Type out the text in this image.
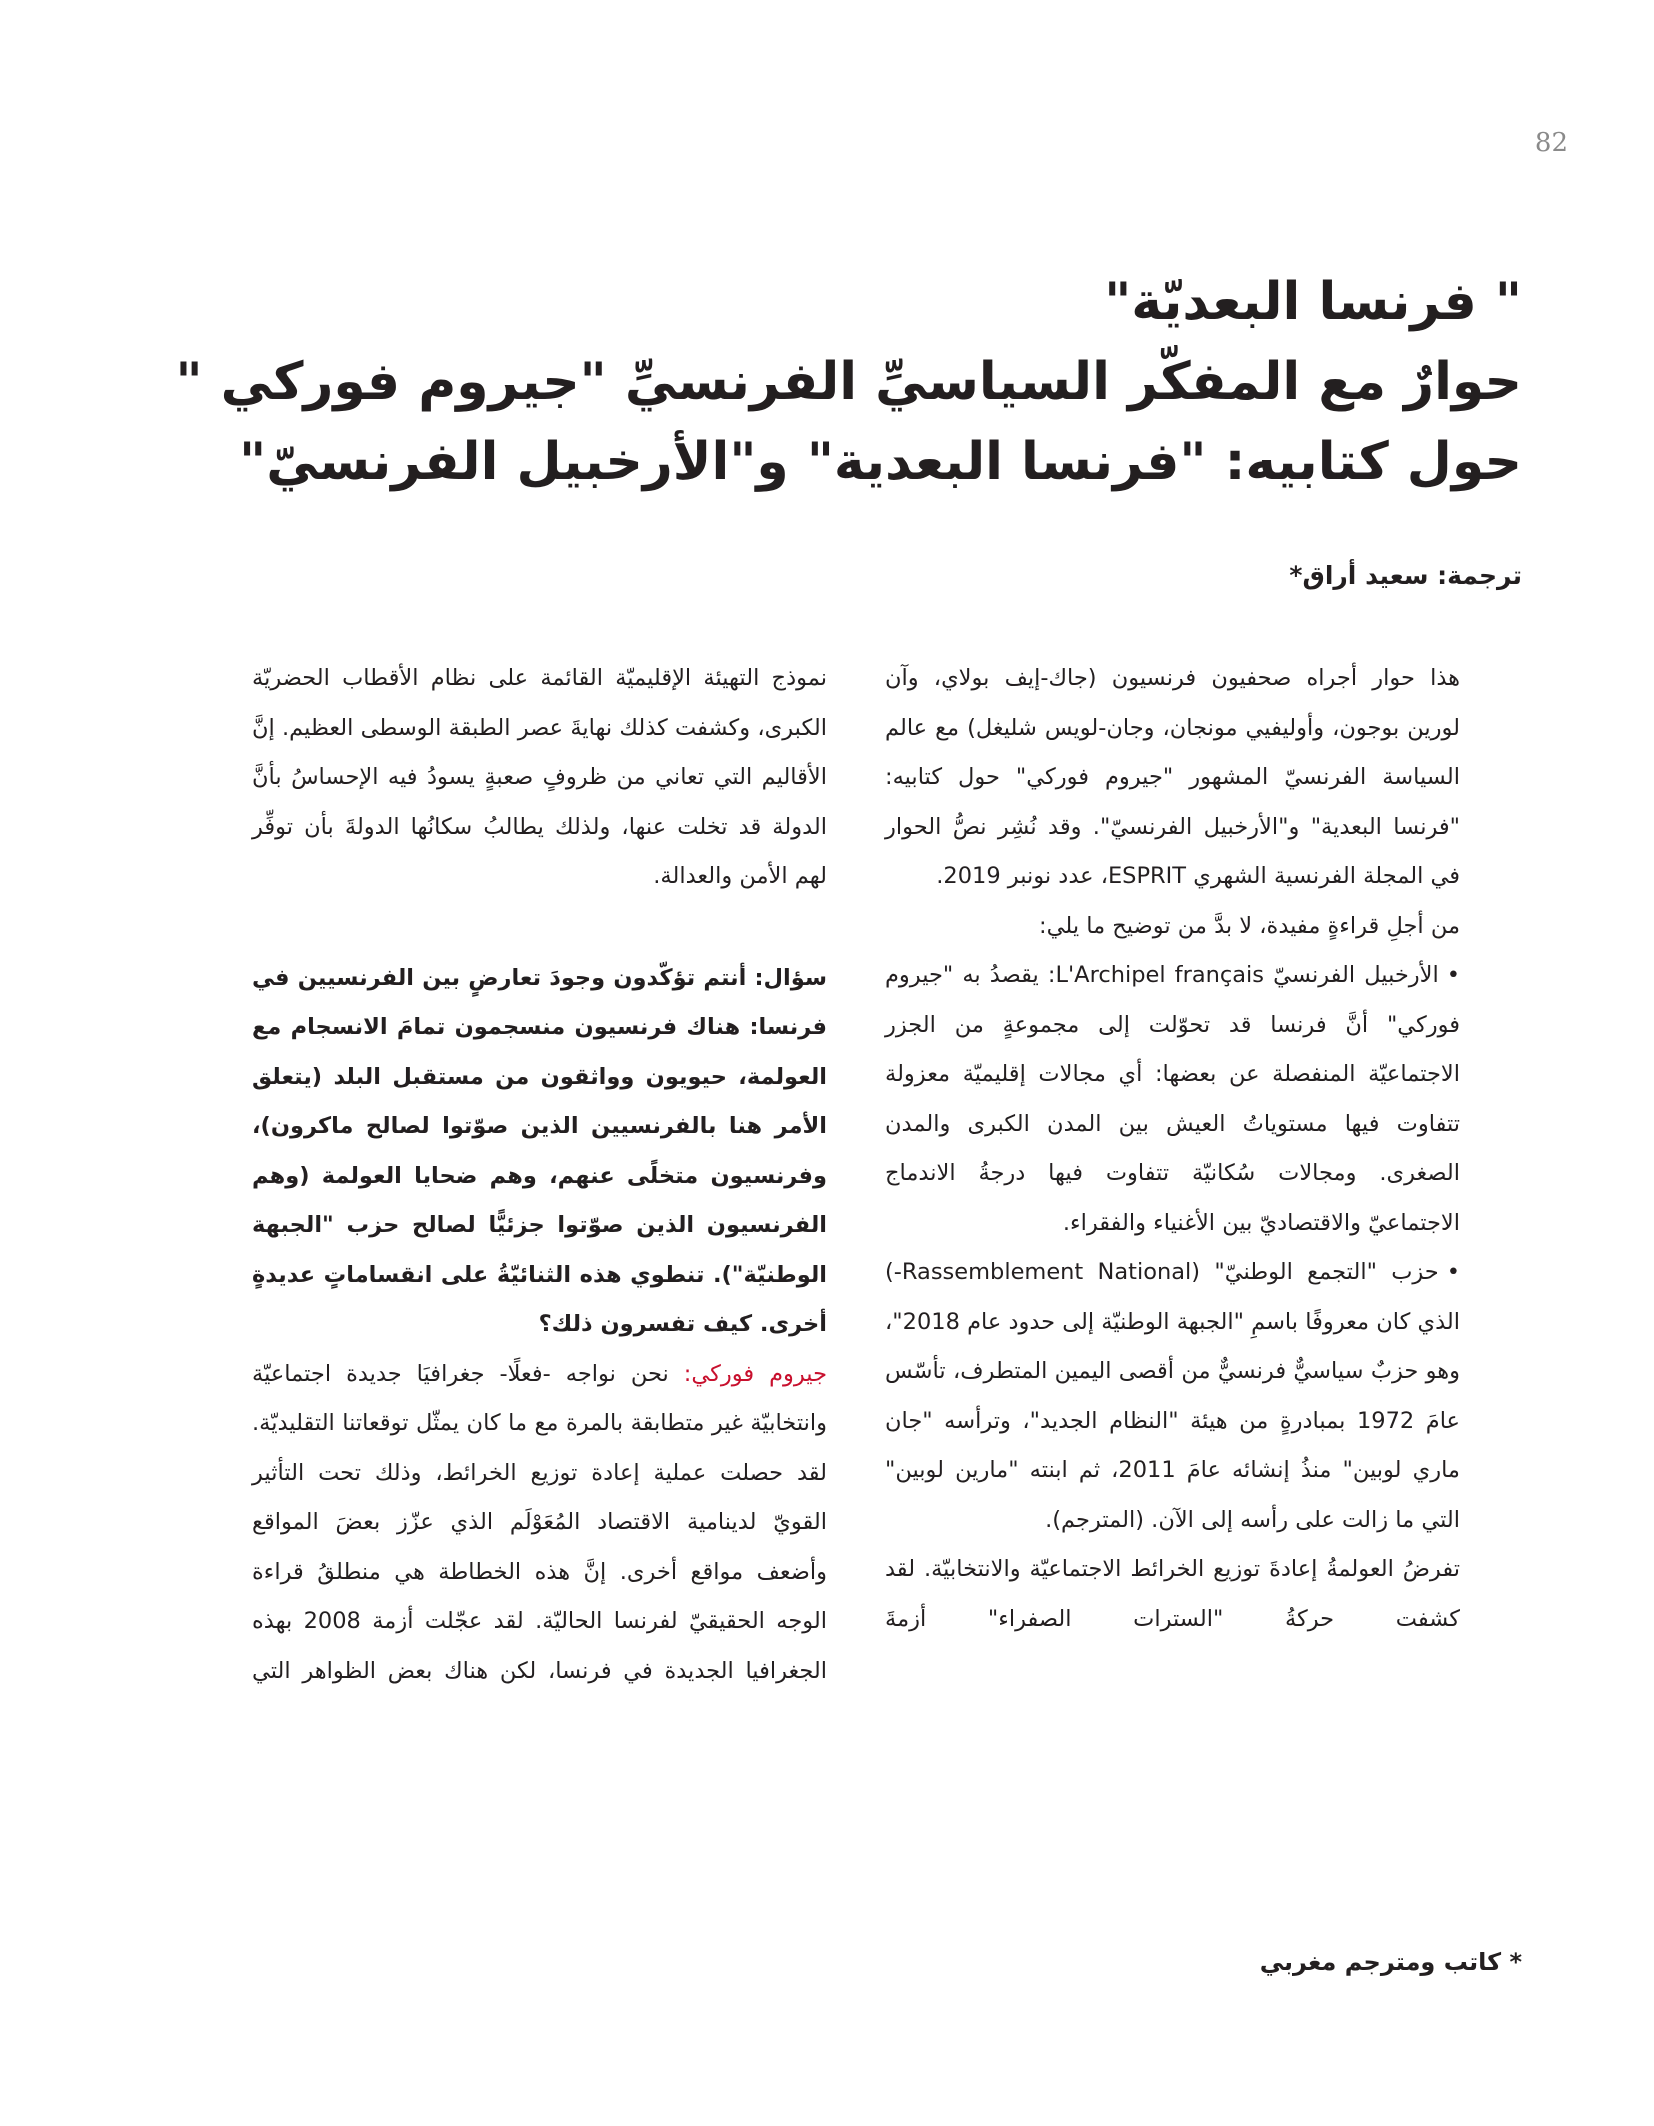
82
" فرنسا البعديّة"
حوارٌ مع المفكّر السياسيِّ الفرنسيِّ "جيروم فوركي "
حول كتابيه: "فرنسا البعدية" و"الأرخبيل الفرنسيّ"
ترجمة: سعيد أراق*

هذا حوار أجراه صحفيون فرنسيون (جاك-إيف بولاي، وآن لورين بوجون، وأوليفيي مونجان، وجان-لويس شليغل) مع عالم السياسة الفرنسيّ المشهور "جيروم فوركي" حول كتابيه: "فرنسا البعدية" و"الأرخبيل الفرنسيّ". وقد نُشِر نصُّ الحوار في المجلة الفرنسية الشهري ESPRIT، عدد نونبر 2019.

من أجلِ قراءةٍ مفيدة، لا بدَّ من توضيح ما يلي:

• الأرخبيل الفرنسيّ L'Archipel français: يقصدُ به "جيروم فوركي" أنَّ فرنسا قد تحوّلت إلى مجموعةٍ من الجزر الاجتماعيّة المنفصلة عن بعضها: أي مجالات إقليميّة معزولة تتفاوت فيها مستوياتُ العيش بين المدن الكبرى والمدن الصغرى. ومجالات سُكانيّة تتفاوت فيها درجةُ الاندماج الاجتماعيّ والاقتصاديّ بين الأغنياء والفقراء.

• حزب "التجمع الوطنيّ" (Rassemblement National-) الذي كان معروفًا باسمِ "الجبهة الوطنيّة إلى حدود عام 2018"، وهو حزبٌ سياسيٌّ فرنسيٌّ من أقصى اليمين المتطرف، تأسّس عامَ 1972 بمبادرةٍ من هيئة "النظام الجديد"، وترأسه "جان ماري لوبين" منذُ إنشائه عامَ 2011، ثم ابنته "مارين لوبين" التي ما زالت على رأسه إلى الآن. (المترجم).

تفرضُ العولمةُ إعادةَ توزيع الخرائط الاجتماعيّة والانتخابيّة. لقد كشفت حركةُ "السترات الصفراء" أزمةَ

نموذج التهيئة الإقليميّة القائمة على نظام الأقطاب الحضريّة الكبرى، وكشفت كذلك نهايةَ عصر الطبقة الوسطى العظيم. إنَّ الأقاليم التي تعاني من ظروفٍ صعبةٍ يسودُ فيه الإحساسُ بأنَّ الدولة قد تخلت عنها، ولذلك يطالبُ سكانُها الدولةَ بأن توفِّر لهم الأمن والعدالة.

سؤال: أنتم تؤكّدون وجودَ تعارضٍ بين الفرنسيين في فرنسا: هناك فرنسيون منسجمون تمامَ الانسجام مع العولمة، حيويون وواثقون من مستقبل البلد (يتعلق الأمر هنا بالفرنسيين الذين صوّتوا لصالح ماكرون)، وفرنسيون متخلًى عنهم، وهم ضحايا العولمة (وهم الفرنسيون الذين صوّتوا جزئيًّا لصالح حزب "الجبهة الوطنيّة"). تنطوي هذه الثنائيّةُ على انقساماتٍ عديدةٍ أخرى. كيف تفسرون ذلك؟

جيروم فوركي: نحن نواجه -فعلًا- جغرافيَا جديدة اجتماعيّة وانتخابيّة غير متطابقة بالمرة مع ما كان يمثّل توقعاتنا التقليديّة. لقد حصلت عملية إعادة توزيع الخرائط، وذلك تحت التأثير القويّ لدينامية الاقتصاد المُعَوْلَم الذي عزّز بعضَ المواقع وأضعف مواقع أخرى. إنَّ هذه الخطاطة هي منطلقُ قراءة الوجه الحقيقيّ لفرنسا الحاليّة. لقد عجّلت أزمة 2008 بهذه الجغرافيا الجديدة في فرنسا، لكن هناك بعض الظواهر التي

* كاتب ومترجم مغربي
